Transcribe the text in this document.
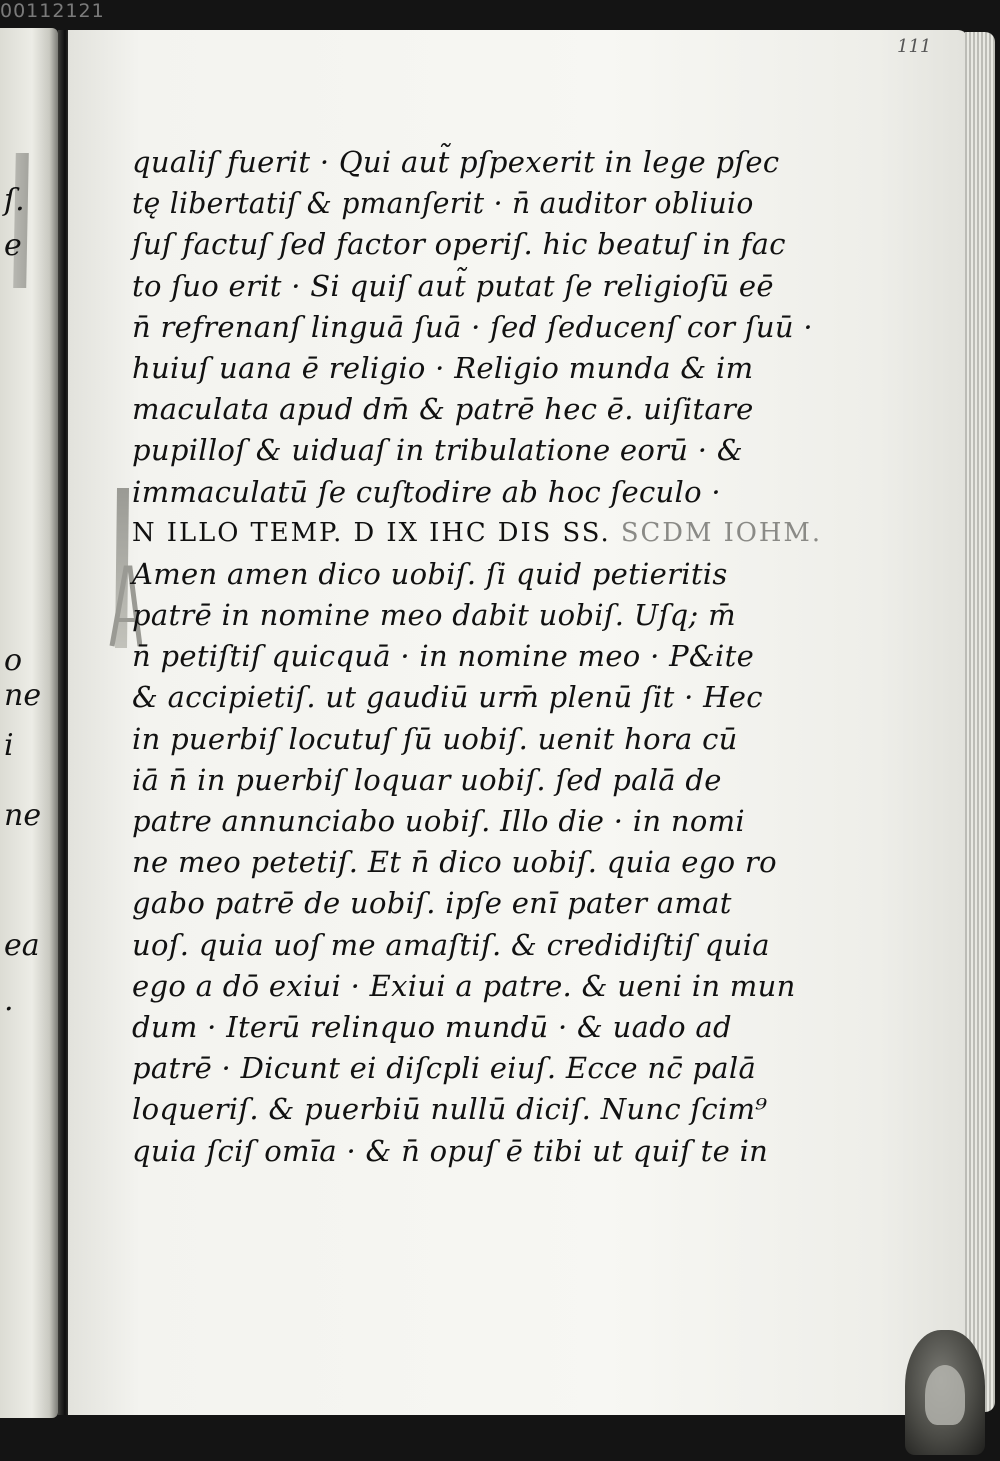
00112121
ſ.
e
ne
o
i
ne
ea
.
111
qualiſ fuerit · Qui aut̃ pſpexerit in lege pſec
tę libertatiſ & pmanſerit · n̄ auditor obliuio
ſuſ factuſ ſed factor operiſ. hic beatuſ in fac
to ſuo erit · Si quiſ aut̃ putat ſe religioſū eē
n̄ refrenanſ linguā ſuā · ſed ſeducenſ cor ſuū ·
huiuſ uana ē religio · Religio munda & im
maculata apud dm̄ & patrē hec ē. uiſitare
pupilloſ & uiduaſ in tribulatione eorū · &
immaculatū ſe cuſtodire ab hoc ſeculo ·
N ILLO TEMP. D IX IHC DIS SS. SCDM IOHM.
Amen amen dico uobiſ. ſi quid petieritis
patrē in nomine meo dabit uobiſ. Uſq; m̄
n̄ petiſtiſ quicquā · in nomine meo · P&ite
& accipietiſ. ut gaudiū urm̄ plenū ſit · Hec
in puerbiſ locutuſ ſū uobiſ. uenit hora cū
iā n̄ in puerbiſ loquar uobiſ. ſed palā de
patre annunciabo uobiſ. Illo die · in nomi
ne meo petetiſ. Et n̄ dico uobiſ. quia ego ro
gabo patrē de uobiſ. ipſe enī pater amat
uoſ. quia uoſ me amaſtiſ. & credidiſtiſ quia
ego a dō exiui · Exiui a patre. & ueni in mun
dum · Iterū relinquo mundū · & uado ad
patrē · Dicunt ei diſcpli eiuſ. Ecce nc̄ palā
loqueriſ. & puerbiū nullū diciſ. Nunc ſcim⁹
quia ſciſ omīa · & n̄ opuſ ē tibi ut quiſ te in
